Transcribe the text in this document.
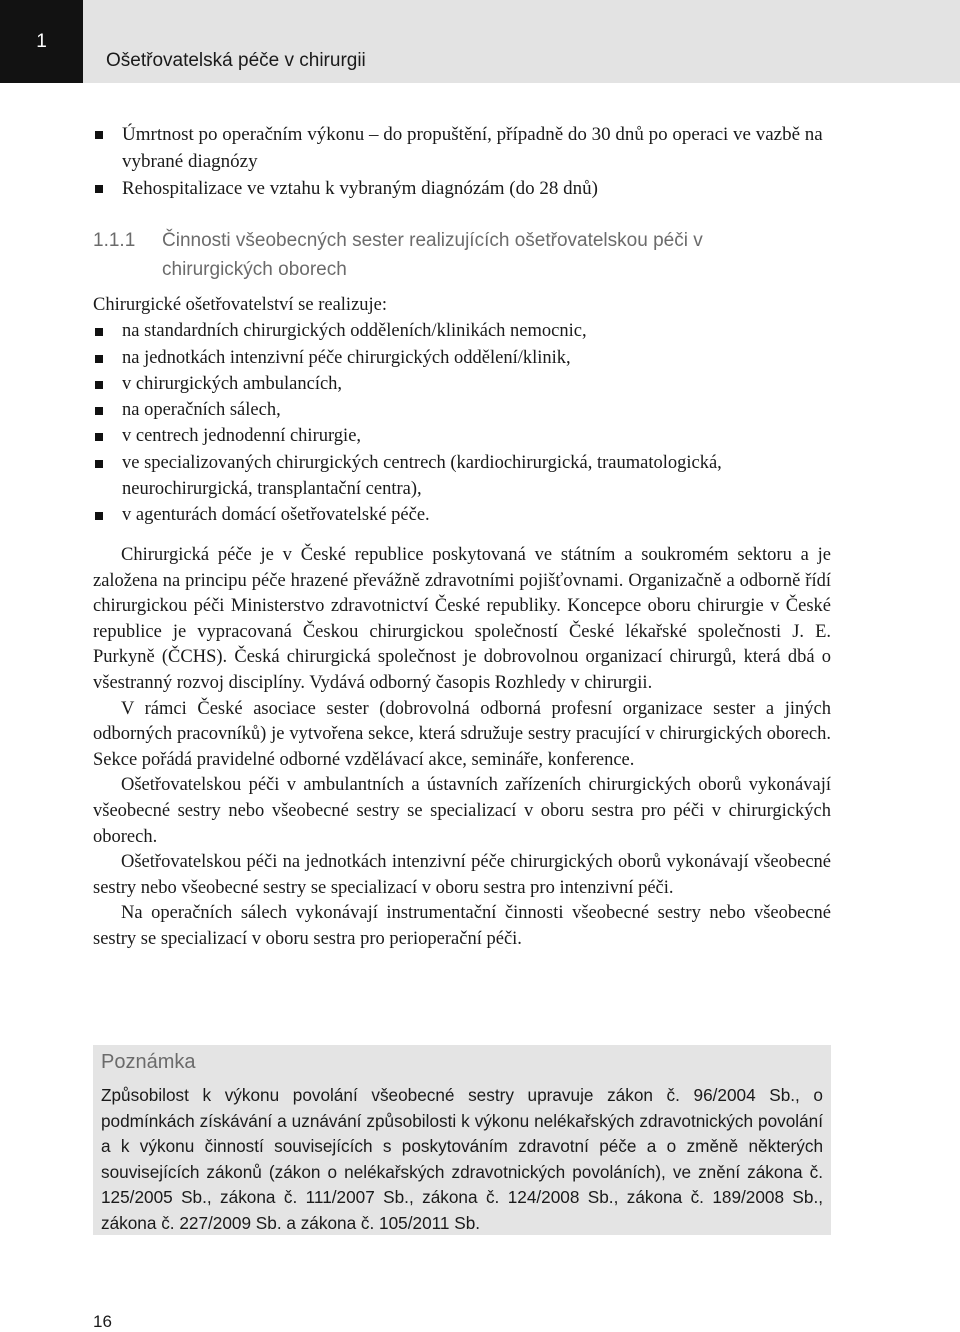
1
Ošetřovatelská péče v chirurgii
Úmrtnost po operačním výkonu – do propuštění, případně do 30 dnů po operaci ve vazbě na vybrané diagnózy
Rehospitalizace ve vztahu k vybraným diagnózám (do 28 dnů)
1.1.1 Činnosti všeobecných sester realizujících ošetřovatelskou péči v chirurgických oborech
Chirurgické ošetřovatelství se realizuje:
na standardních chirurgických odděleních/klinikách nemocnic,
na jednotkách intenzivní péče chirurgických oddělení/klinik,
v chirurgických ambulancích,
na operačních sálech,
v centrech jednodenní chirurgie,
ve specializovaných chirurgických centrech (kardiochirurgická, traumatologická, neurochirurgická, transplantační centra),
v agenturách domácí ošetřovatelské péče.

Chirurgická péče je v České republice poskytovaná ve státním a soukromém sektoru a je založena na principu péče hrazené převážně zdravotními pojišťovnami. Organizačně a odborně řídí chirurgickou péči Ministerstvo zdravotnictví České republiky. Koncepce oboru chirurgie v České republice je vypracovaná Českou chirurgickou společností České lékařské společnosti J. E. Purkyně (ČCHS). Česká chirurgická společnost je dobrovolnou organizací chirurgů, která dbá o všestranný rozvoj disciplíny. Vydává odborný časopis Rozhledy v chirurgii.

V rámci České asociace sester (dobrovolná odborná profesní organizace sester a jiných odborných pracovníků) je vytvořena sekce, která sdružuje sestry pracující v chirurgických oborech. Sekce pořádá pravidelné odborné vzdělávací akce, semináře, konference.

Ošetřovatelskou péči v ambulantních a ústavních zařízeních chirurgických oborů vykonávají všeobecné sestry nebo všeobecné sestry se specializací v oboru sestra pro péči v chirurgických oborech.

Ošetřovatelskou péči na jednotkách intenzivní péče chirurgických oborů vykonávají všeobecné sestry nebo všeobecné sestry se specializací v oboru sestra pro intenzivní péči.

Na operačních sálech vykonávají instrumentační činnosti všeobecné sestry nebo všeobecné sestry se specializací v oboru sestra pro perioperační péči.

Poznámka
Způsobilost k výkonu povolání všeobecné sestry upravuje zákon č. 96/2004 Sb., o podmínkách získávání a uznávání způsobilosti k výkonu nelékařských zdravotnických povolání a k výkonu činností souvisejících s poskytováním zdravotní péče a o změně některých souvisejících zákonů (zákon o nelékařských zdravotnických povoláních), ve znění zákona č. 125/2005 Sb., zákona č. 111/2007 Sb., zákona č. 124/2008 Sb., zákona č. 189/2008 Sb., zákona č. 227/2009 Sb. a zákona č. 105/2011 Sb.
16
